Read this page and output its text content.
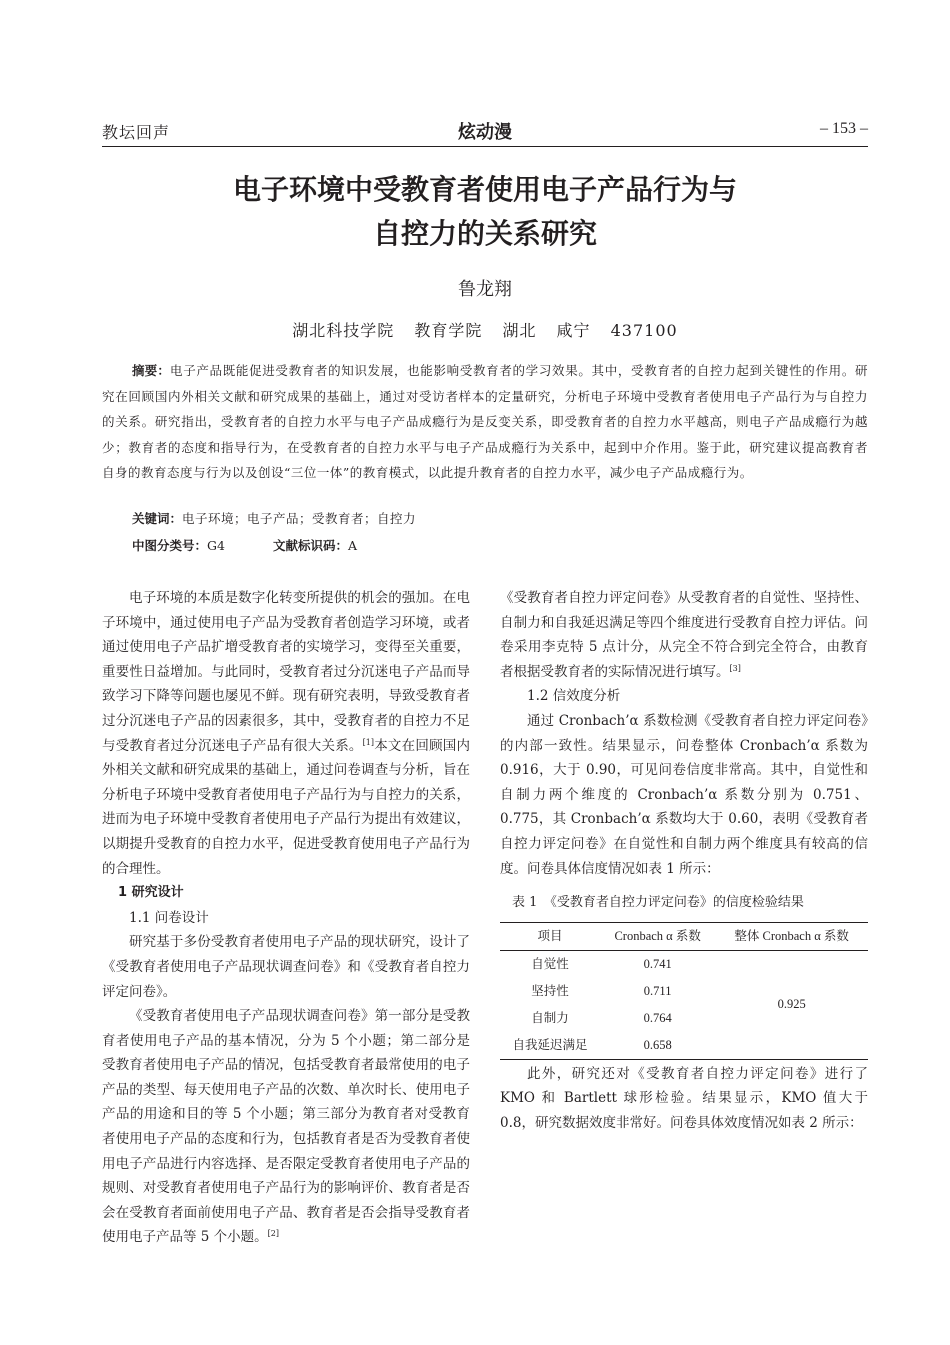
教坛回声	炫动漫	– 153 –
电子环境中受教育者使用电子产品行为与
自控力的关系研究
鲁龙翔
湖北科技学院 教育学院 湖北 咸宁 437100
摘要：电子产品既能促进受教育者的知识发展，也能影响受教育者的学习效果。其中，受教育者的自控力起到关键性的作用。研究在回顾国内外相关文献和研究成果的基础上，通过对受访者样本的定量研究，分析电子环境中受教育者使用电子产品行为与自控力的关系。研究指出，受教育者的自控力水平与电子产品成瘾行为是反变关系，即受教育者的自控力水平越高，则电子产品成瘾行为越少；教育者的态度和指导行为，在受教育者的自控力水平与电子产品成瘾行为关系中，起到中介作用。鉴于此，研究建议提高教育者自身的教育态度与行为以及创设“三位一体”的教育模式，以此提升教育者的自控力水平，减少电子产品成瘾行为。
关键词：电子环境；电子产品；受教育者；自控力
中图分类号：G4	文献标识码：A

电子环境的本质是数字化转变所提供的机会的强加。在电子环境中，通过使用电子产品为受教育者创造学习环境，或者通过使用电子产品扩增受教育者的实境学习，变得至关重要，重要性日益增加。与此同时，受教育者过分沉迷电子产品而导致学习下降等问题也屡见不鲜。现有研究表明，导致受教育者过分沉迷电子产品的因素很多，其中，受教育者的自控力不足与受教育者过分沉迷电子产品有很大关系。[1]本文在回顾国内外相关文献和研究成果的基础上，通过问卷调查与分析，旨在分析电子环境中受教育者使用电子产品行为与自控力的关系，进而为电子环境中受教育者使用电子产品行为提出有效建议，以期提升受教育的自控力水平，促进受教育使用电子产品行为的合理性。

1 研究设计
1.1 问卷设计

研究基于多份受教育者使用电子产品的现状研究，设计了《受教育者使用电子产品现状调查问卷》和《受教育者自控力评定问卷》。

《受教育者使用电子产品现状调查问卷》第一部分是受教育者使用电子产品的基本情况，分为 5 个小题；第二部分是受教育者使用电子产品的情况，包括受教育者最常使用的电子产品的类型、每天使用电子产品的次数、单次时长、使用电子产品的用途和目的等 5 个小题；第三部分为教育者对受教育者使用电子产品的态度和行为，包括教育者是否为受教育者使用电子产品进行内容选择、是否限定受教育者使用电子产品的规则、对受教育者使用电子产品行为的影响评价、教育者是否会在受教育者面前使用电子产品、教育者是否会指导受教育者使用电子产品等 5 个小题。[2]

《受教育者自控力评定问卷》从受教育者的自觉性、坚持性、自制力和自我延迟满足等四个维度进行受教育自控力评估。问卷采用李克特 5 点计分，从完全不符合到完全符合，由教育者根据受教育者的实际情况进行填写。[3]

1.2 信效度分析

通过 Cronbach’α 系数检测《受教育者自控力评定问卷》的内部一致性。结果显示，问卷整体 Cronbach’α 系数为 0.916，大于 0.90，可见问卷信度非常高。其中，自觉性和自制力两个维度的 Cronbach’α 系数分别为 0.751、0.775，其 Cronbach’α 系数均大于 0.60，表明《受教育者自控力评定问卷》在自觉性和自制力两个维度具有较高的信度。问卷具体信度情况如表 1 所示：

表 1　《受教育者自控力评定问卷》的信度检验结果
项目	Cronbach α 系数	整体 Cronbach α 系数
自觉性	0.741	0.925
坚持性	0.711	
自制力	0.764	
自我延迟满足	0.658	

此外，研究还对《受教育者自控力评定问卷》进行了 KMO 和 Bartlett 球形检验。结果显示，KMO 值大于 0.8，研究数据效度非常好。问卷具体效度情况如表 2 所示：
